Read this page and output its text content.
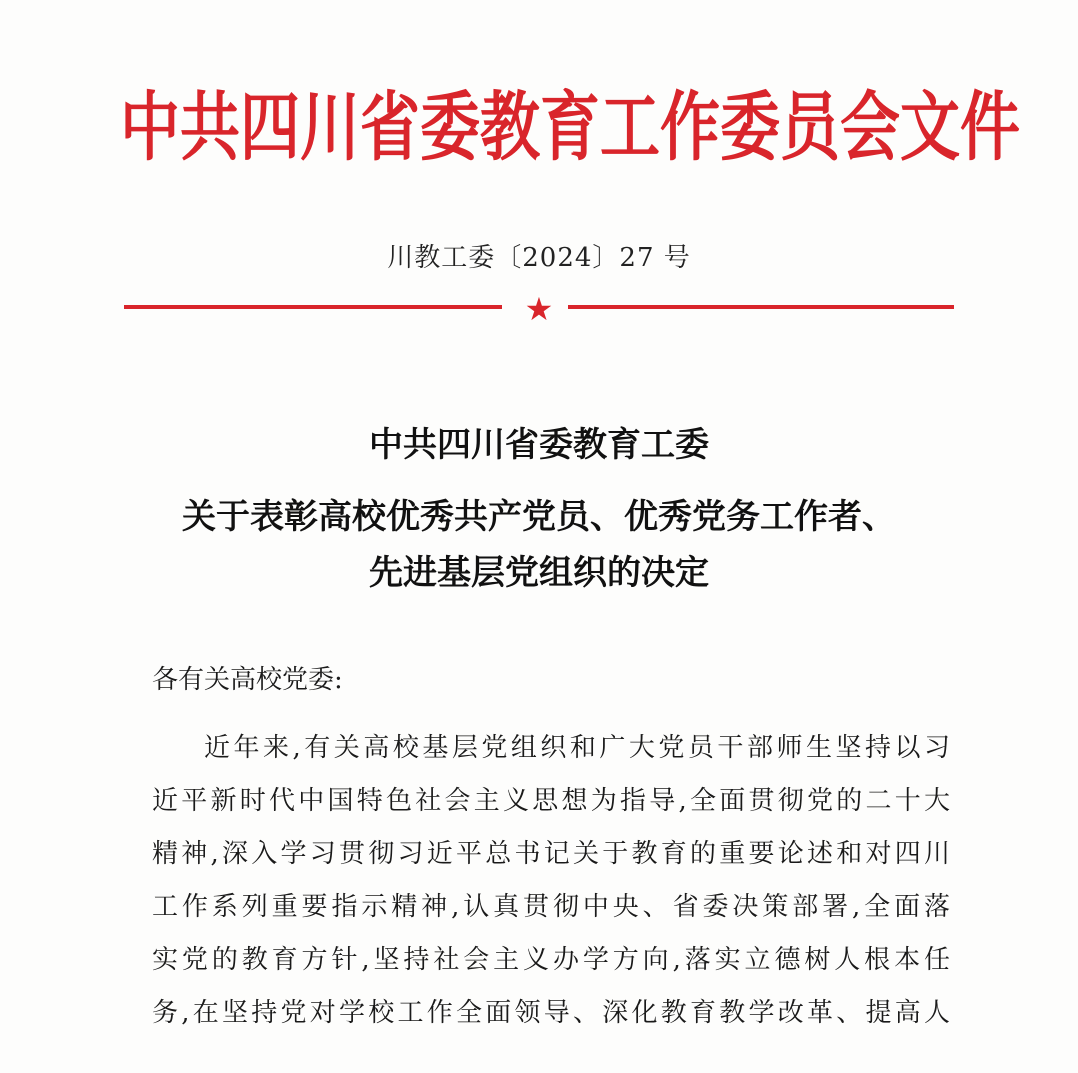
中共四川省委教育工作委员会文件
川教工委〔2024〕27 号
★
中共四川省委教育工委
关于表彰高校优秀共产党员、优秀党务工作者、
先进基层党组织的决定
各有关高校党委:
近年来,有关高校基层党组织和广大党员干部师生坚持以习
近平新时代中国特色社会主义思想为指导,全面贯彻党的二十大
精神,深入学习贯彻习近平总书记关于教育的重要论述和对四川
工作系列重要指示精神,认真贯彻中央、省委决策部署,全面落
实党的教育方针,坚持社会主义办学方向,落实立德树人根本任
务,在坚持党对学校工作全面领导、深化教育教学改革、提高人
